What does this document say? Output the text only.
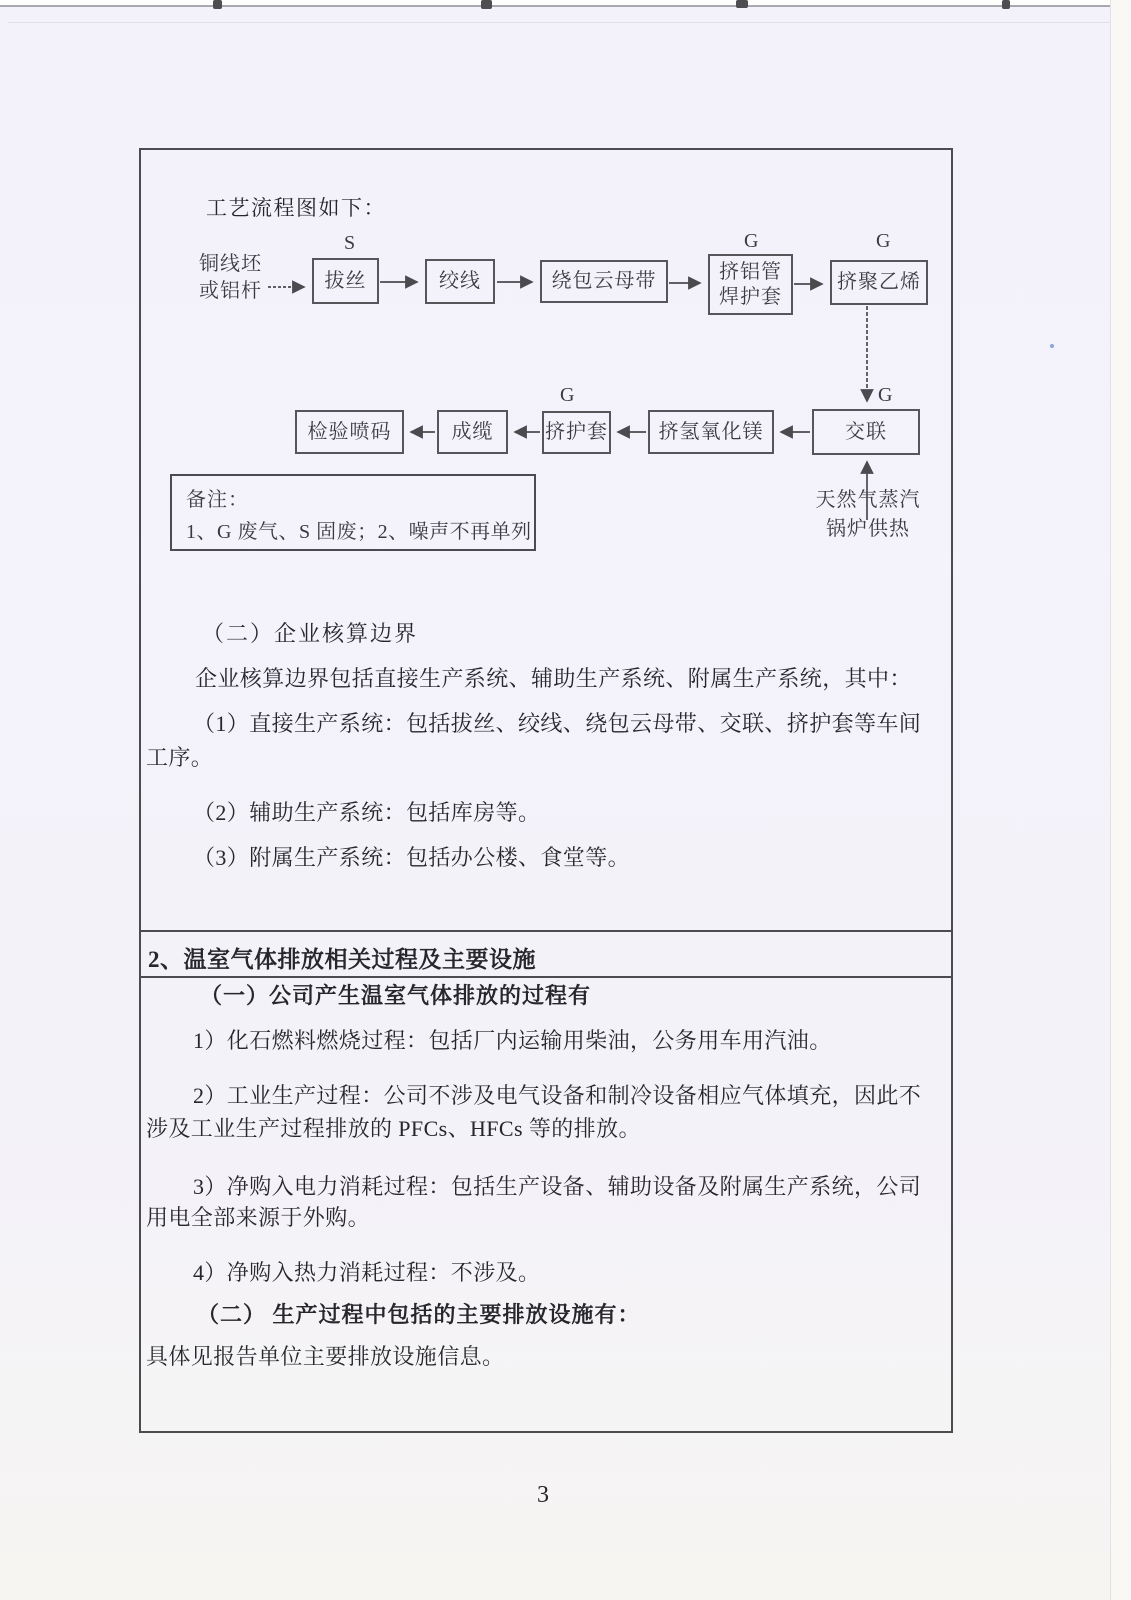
工艺流程图如下：
铜线坯
或铝杆
S	G	G
G
G
拔丝	绞线	绕包云母带	挤铝管
焊护套
挤聚乙烯
交联
挤氢氧化镁
挤护套
成缆
检验喷码
备注：
1、G 废气、S 固废；2、噪声不再单列
天然气蒸汽
锅炉供热
（二）企业核算边界
企业核算边界包括直接生产系统、辅助生产系统、附属生产系统，其中：
（1）直接生产系统：包括拔丝、绞线、绕包云母带、交联、挤护套等车间
工序。
（2）辅助生产系统：包括库房等。
（3）附属生产系统：包括办公楼、食堂等。
2、温室气体排放相关过程及主要设施
（一）公司产生温室气体排放的过程有
1）化石燃料燃烧过程：包括厂内运输用柴油，公务用车用汽油。
2）工业生产过程：公司不涉及电气设备和制冷设备相应气体填充，因此不
涉及工业生产过程排放的 PFCs、HFCs 等的排放。
3）净购入电力消耗过程：包括生产设备、辅助设备及附属生产系统，公司
用电全部来源于外购。
4）净购入热力消耗过程：不涉及。
（二） 生产过程中包括的主要排放设施有：
具体见报告单位主要排放设施信息。
3
